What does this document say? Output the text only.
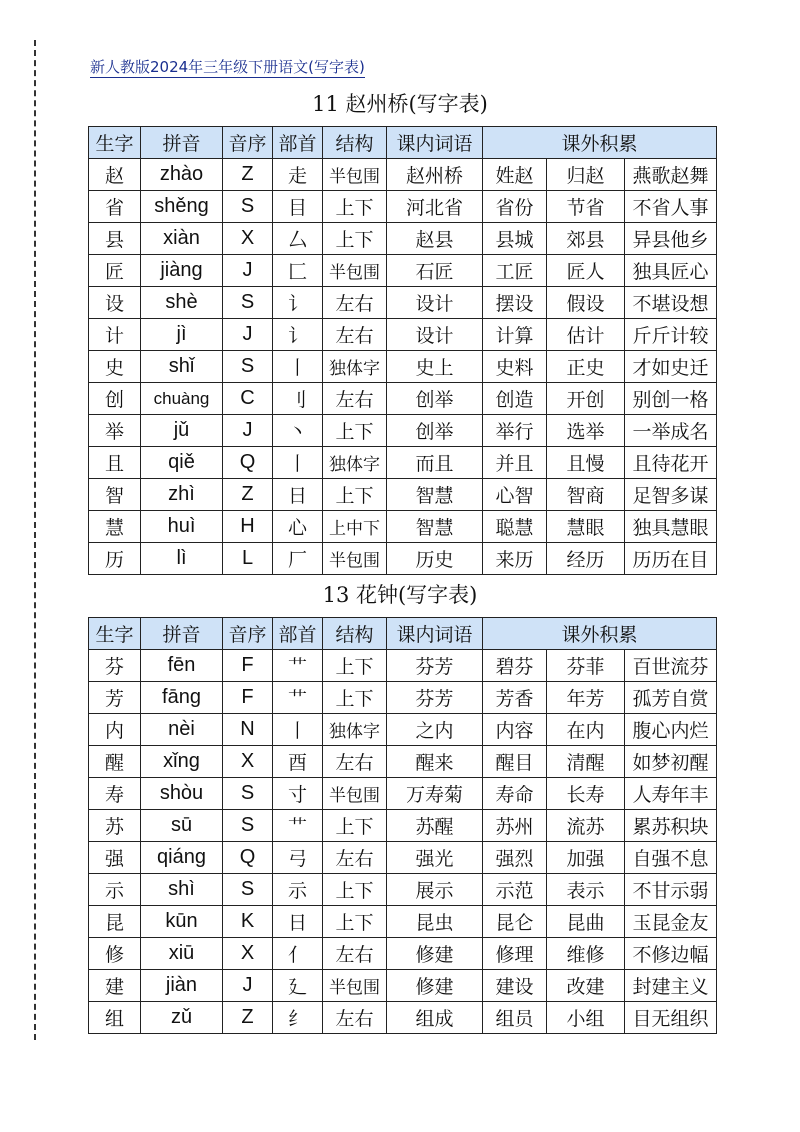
新人教版2024年三年级下册语文(写字表)
11 赵州桥(写字表)
生字	拼音	音序	部首	结构	课内词语	课外积累		
赵	zhào	Z	走	半包围	赵州桥	姓赵	归赵	燕歌赵舞
省	shěng	S	目	上下	河北省	省份	节省	不省人事
县	xiàn	X	厶	上下	赵县	县城	郊县	异县他乡
匠	jiàng	J	匚	半包围	石匠	工匠	匠人	独具匠心
设	shè	S	讠	左右	设计	摆设	假设	不堪设想
计	jì	J	讠	左右	设计	计算	估计	斤斤计较
史	shǐ	S	丨	独体字	史上	史料	正史	才如史迁
创	chuàng	C	刂	左右	创举	创造	开创	别创一格
举	jǔ	J	丶	上下	创举	举行	选举	一举成名
且	qiě	Q	丨	独体字	而且	并且	且慢	且待花开
智	zhì	Z	日	上下	智慧	心智	智商	足智多谋
慧	huì	H	心	上中下	智慧	聪慧	慧眼	独具慧眼
历	lì	L	厂	半包围	历史	来历	经历	历历在目
13 花钟(写字表)
生字	拼音	音序	部首	结构	课内词语	课外积累		
芬	fēn	F	艹	上下	芬芳	碧芬	芬菲	百世流芬
芳	fāng	F	艹	上下	芬芳	芳香	年芳	孤芳自赏
内	nèi	N	丨	独体字	之内	内容	在内	腹心内烂
醒	xǐng	X	酉	左右	醒来	醒目	清醒	如梦初醒
寿	shòu	S	寸	半包围	万寿菊	寿命	长寿	人寿年丰
苏	sū	S	艹	上下	苏醒	苏州	流苏	累苏积块
强	qiáng	Q	弓	左右	强光	强烈	加强	自强不息
示	shì	S	示	上下	展示	示范	表示	不甘示弱
昆	kūn	K	日	上下	昆虫	昆仑	昆曲	玉昆金友
修	xiū	X	亻	左右	修建	修理	维修	不修边幅
建	jiàn	J	廴	半包围	修建	建设	改建	封建主义
组	zǔ	Z	纟	左右	组成	组员	小组	目无组织
